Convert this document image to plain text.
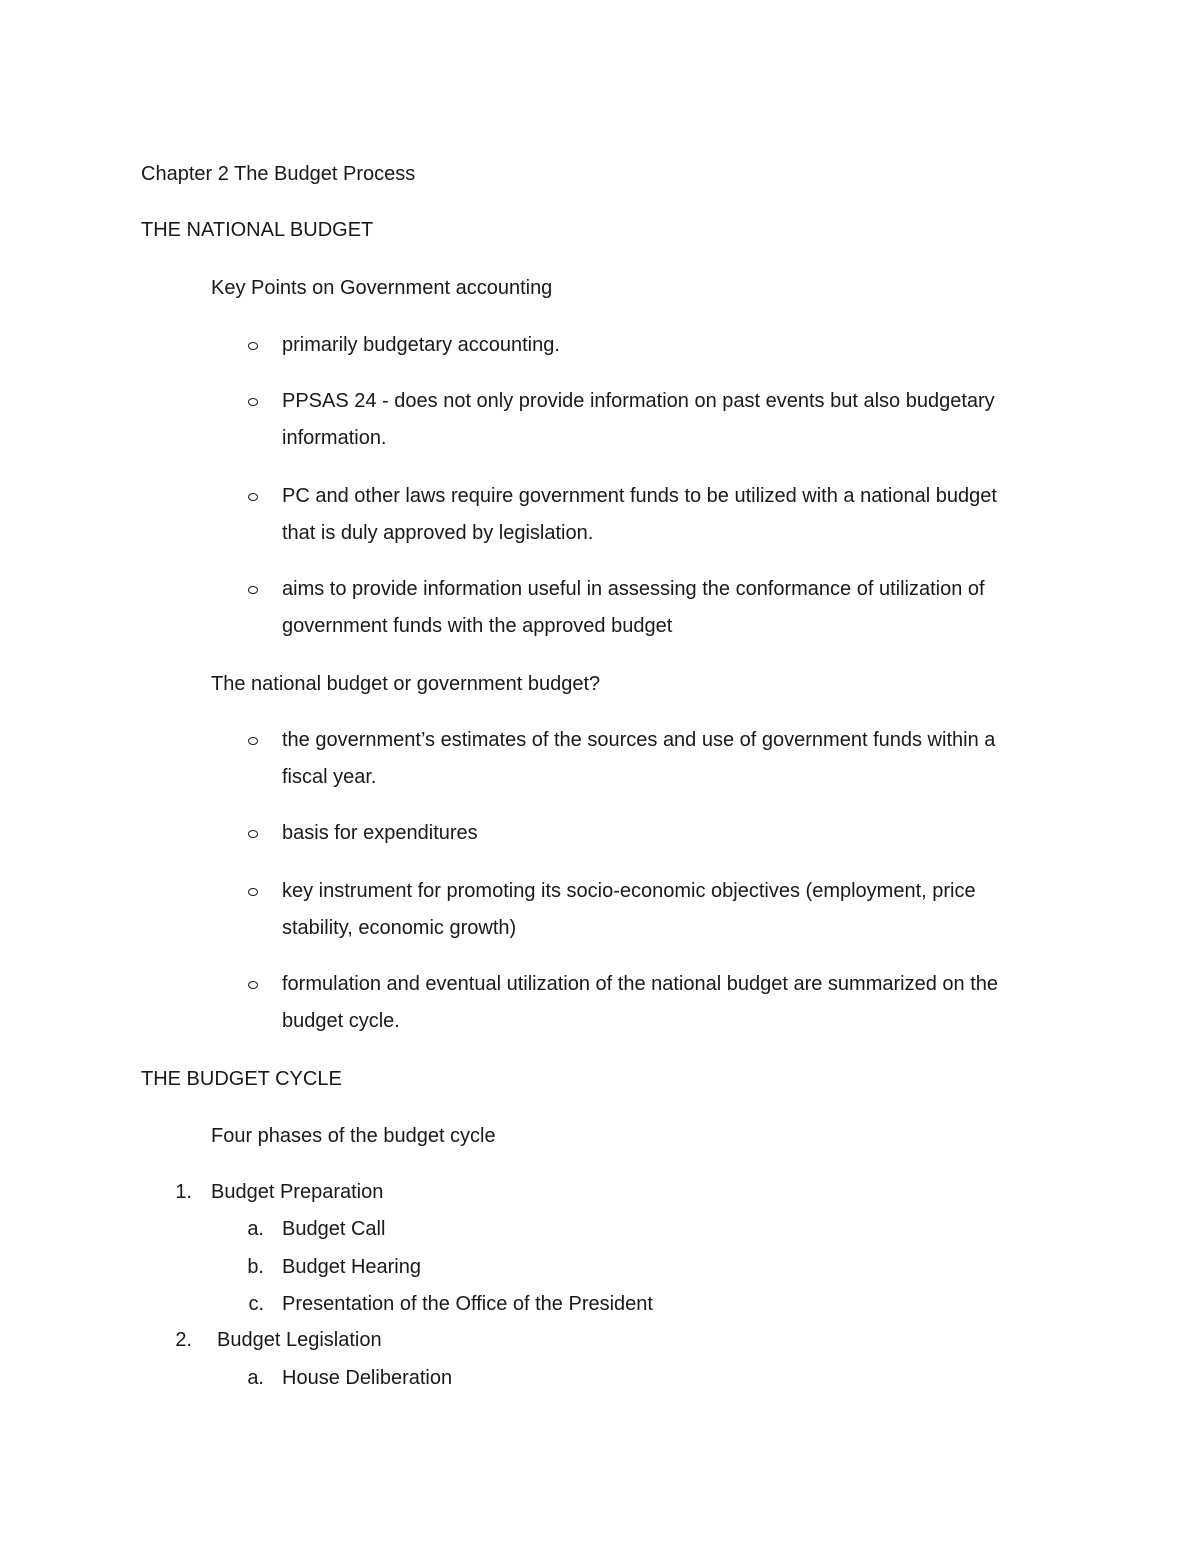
Chapter 2 The Budget Process
THE NATIONAL BUDGET
Key Points on Government accounting
primarily budgetary accounting.
PPSAS 24 - does not only provide information on past events but also budgetary
information.
PC and other laws require government funds to be utilized with a national budget
that is duly approved by legislation.
aims to provide information useful in assessing the conformance of utilization of
government funds with the approved budget
The national budget or government budget?
the government’s estimates of the sources and use of government funds within a
fiscal year.
basis for expenditures
key instrument for promoting its socio-economic objectives (employment, price
stability, economic growth)
formulation and eventual utilization of the national budget are summarized on the
budget cycle.
THE BUDGET CYCLE
Four phases of the budget cycle
1. Budget Preparation
a. Budget Call
b. Budget Hearing
c. Presentation of the Office of the President
2. Budget Legislation
a. House Deliberation
